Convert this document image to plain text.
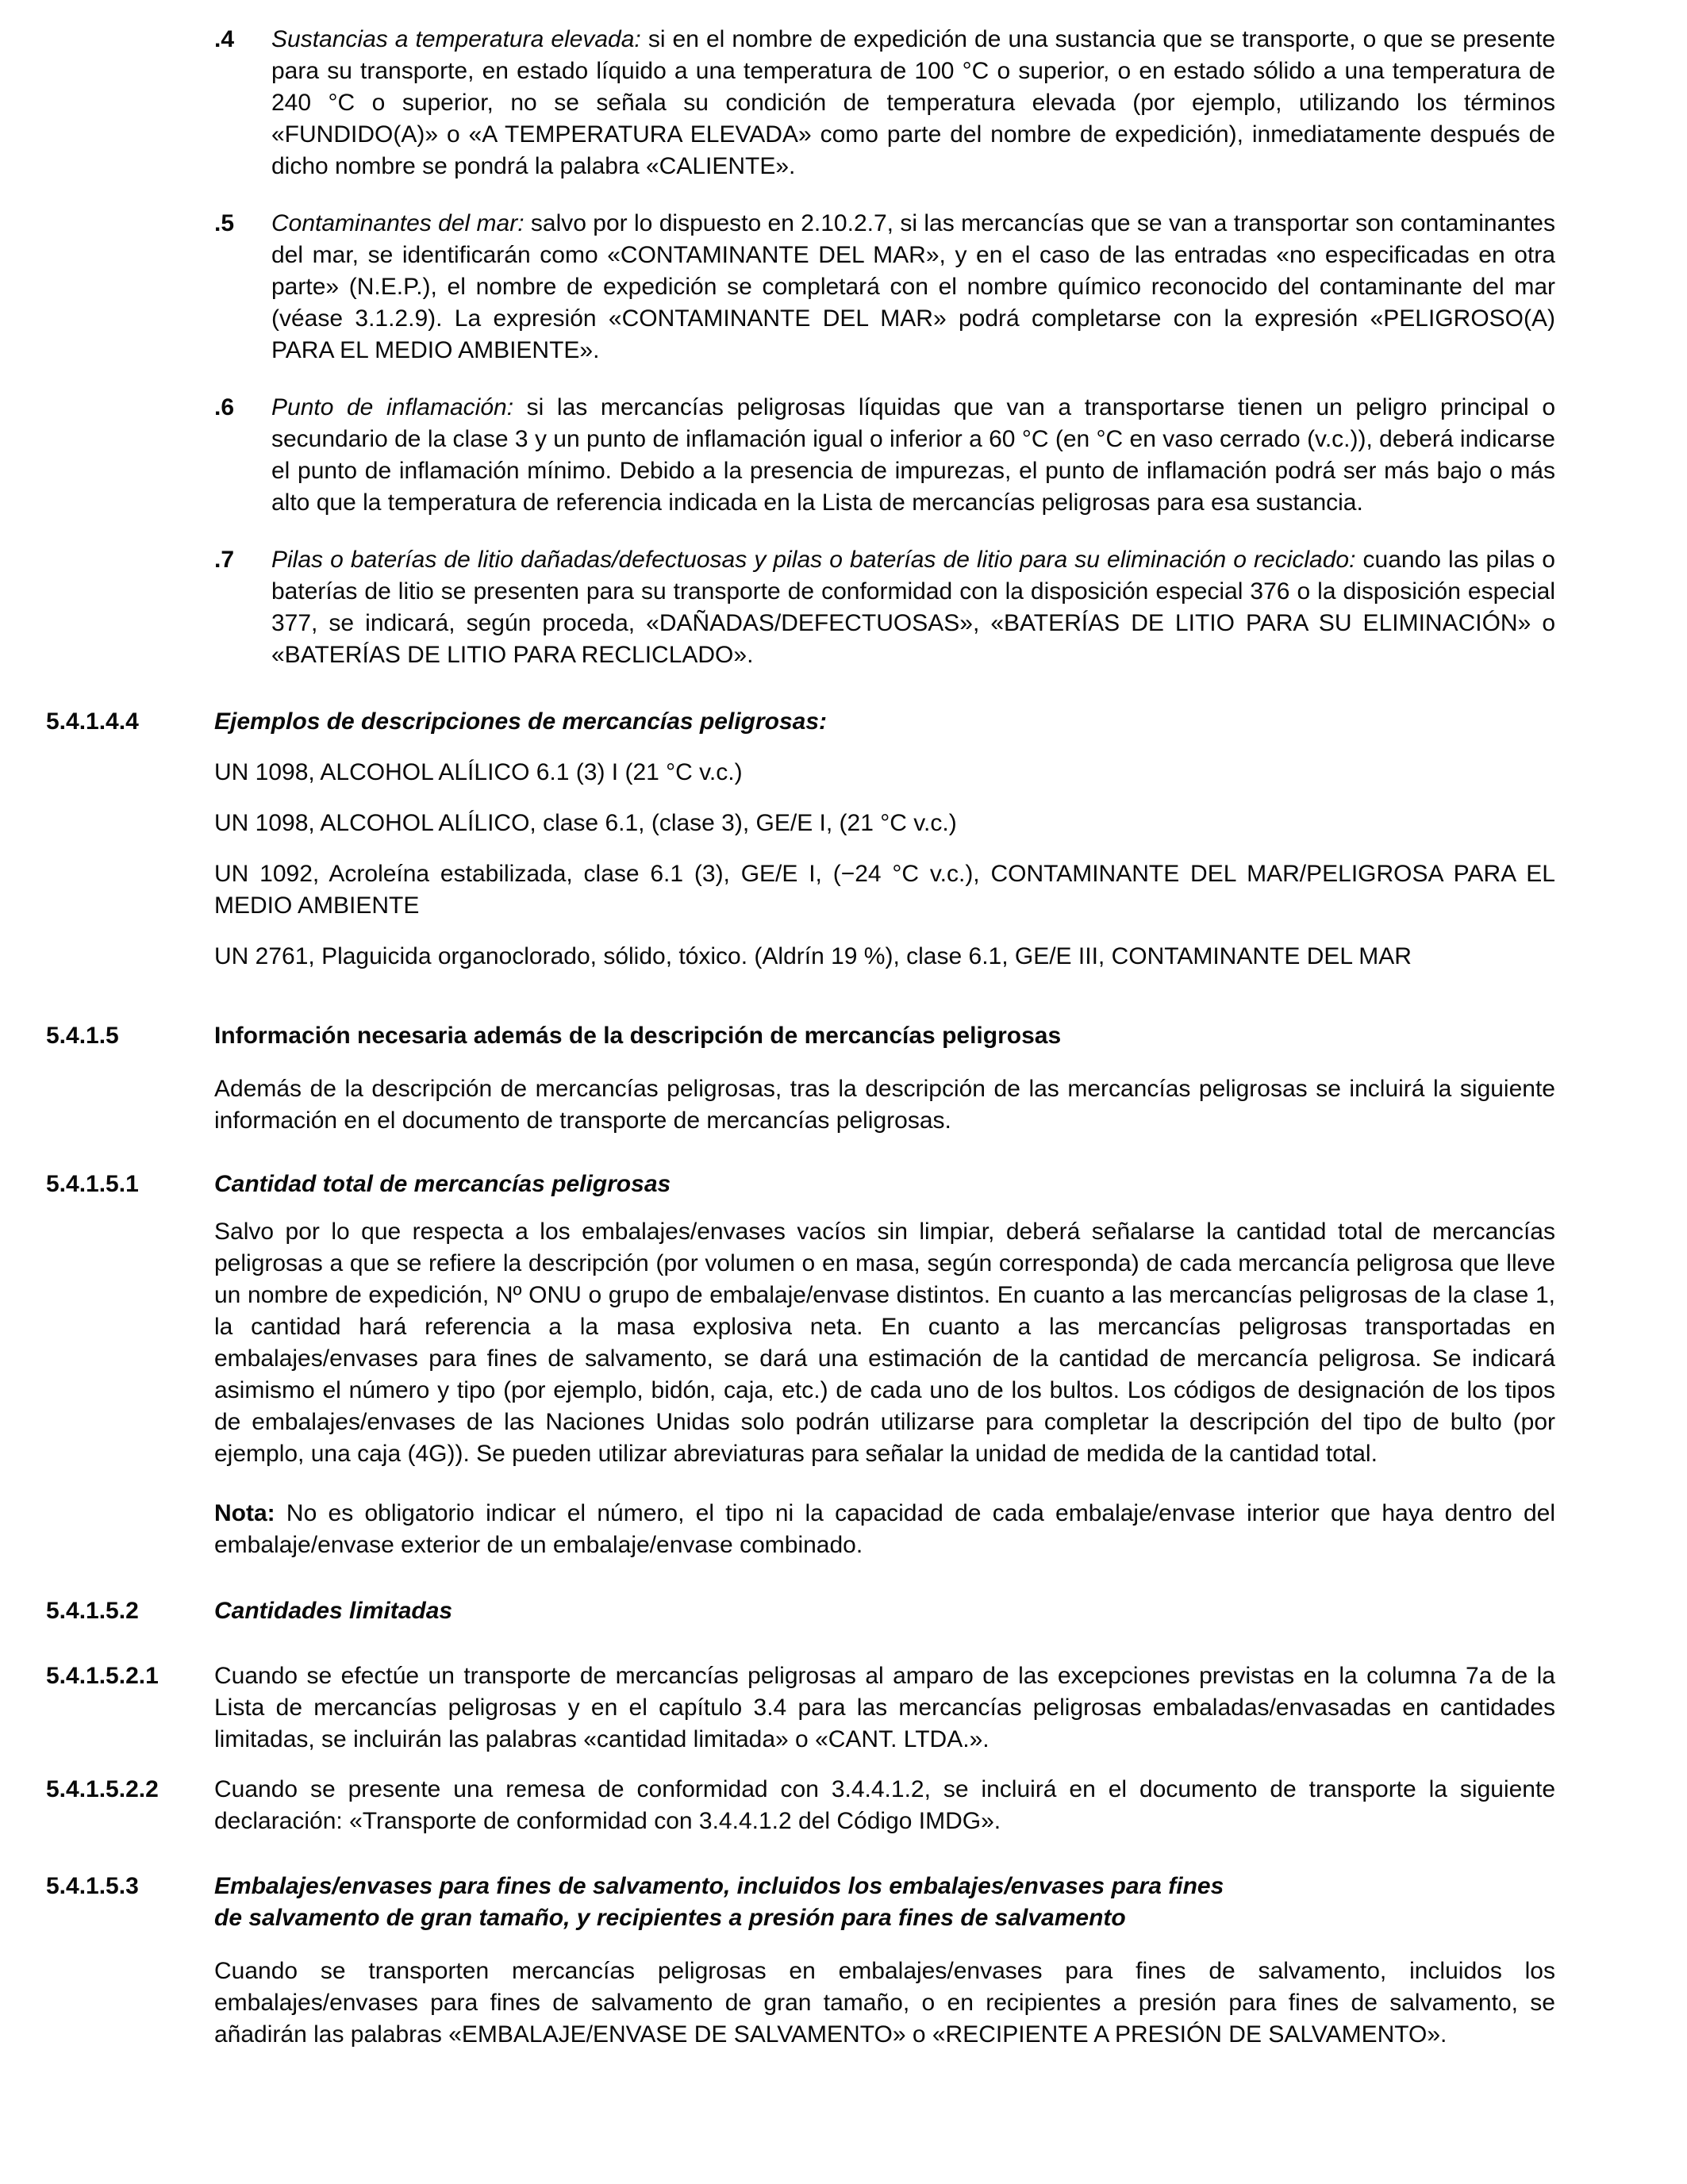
.4	Sustancias a temperatura elevada: si en el nombre de expedición de una sustancia que se transporte, o que se presente para su transporte, en estado líquido a una temperatura de 100 °C o superior, o en estado sólido a una temperatura de 240 °C o superior, no se señala su condición de temperatura elevada (por ejemplo, utilizando los términos «FUNDIDO(A)» o «A TEMPERATURA ELEVADA» como parte del nombre de expedición), inmediatamente después de dicho nombre se pondrá la palabra «CALIENTE».
.5	Contaminantes del mar: salvo por lo dispuesto en 2.10.2.7, si las mercancías que se van a transportar son contaminantes del mar, se identificarán como «CONTAMINANTE DEL MAR», y en el caso de las entradas «no especificadas en otra parte» (N.E.P.), el nombre de expedición se completará con el nombre químico reconocido del contaminante del mar (véase 3.1.2.9). La expresión «CONTAMINANTE DEL MAR» podrá completarse con la expresión «PELIGROSO(A) PARA EL MEDIO AMBIENTE».
.6	Punto de inflamación: si las mercancías peligrosas líquidas que van a transportarse tienen un peligro principal o secundario de la clase 3 y un punto de inflamación igual o inferior a 60 °C (en °C en vaso cerrado (v.c.)), deberá indicarse el punto de inflamación mínimo. Debido a la presencia de impurezas, el punto de inflamación podrá ser más bajo o más alto que la temperatura de referencia indicada en la Lista de mercancías peligrosas para esa sustancia.
.7	Pilas o baterías de litio dañadas/defectuosas y pilas o baterías de litio para su eliminación o reciclado: cuando las pilas o baterías de litio se presenten para su transporte de conformidad con la disposición especial 376 o la disposición especial 377, se indicará, según proceda, «DAÑADAS/DEFECTUOSAS», «BATERÍAS DE LITIO PARA SU ELIMINACIÓN» o «BATERÍAS DE LITIO PARA RECLICLADO».
5.4.1.4.4	Ejemplos de descripciones de mercancías peligrosas:
UN 1098, ALCOHOL ALÍLICO 6.1 (3) I (21 °C v.c.)
UN 1098, ALCOHOL ALÍLICO, clase 6.1, (clase 3), GE/E I, (21 °C v.c.)
UN 1092, Acroleína estabilizada, clase 6.1 (3), GE/E I, (−24 °C v.c.), CONTAMINANTE DEL MAR/PELIGROSA PARA EL MEDIO AMBIENTE
UN 2761, Plaguicida organoclorado, sólido, tóxico. (Aldrín 19 %), clase 6.1, GE/E III, CONTAMINANTE DEL MAR
5.4.1.5	Información necesaria además de la descripción de mercancías peligrosas
Además de la descripción de mercancías peligrosas, tras la descripción de las mercancías peligrosas se incluirá la siguiente información en el documento de transporte de mercancías peligrosas.
5.4.1.5.1	Cantidad total de mercancías peligrosas
Salvo por lo que respecta a los embalajes/envases vacíos sin limpiar, deberá señalarse la cantidad total de mercancías peligrosas a que se refiere la descripción (por volumen o en masa, según corresponda) de cada mercancía peligrosa que lleve un nombre de expedición, Nº ONU o grupo de embalaje/envase distintos. En cuanto a las mercancías peligrosas de la clase 1, la cantidad hará referencia a la masa explosiva neta. En cuanto a las mercancías peligrosas transportadas en embalajes/envases para fines de salvamento, se dará una estimación de la cantidad de mercancía peligrosa. Se indicará asimismo el número y tipo (por ejemplo, bidón, caja, etc.) de cada uno de los bultos. Los códigos de designación de los tipos de embalajes/envases de las Naciones Unidas solo podrán utilizarse para completar la descripción del tipo de bulto (por ejemplo, una caja (4G)). Se pueden utilizar abreviaturas para señalar la unidad de medida de la cantidad total.
Nota: No es obligatorio indicar el número, el tipo ni la capacidad de cada embalaje/envase interior que haya dentro del embalaje/envase exterior de un embalaje/envase combinado.
5.4.1.5.2	Cantidades limitadas
5.4.1.5.2.1	Cuando se efectúe un transporte de mercancías peligrosas al amparo de las excepciones previstas en la columna 7a de la Lista de mercancías peligrosas y en el capítulo 3.4 para las mercancías peligrosas embaladas/envasadas en cantidades limitadas, se incluirán las palabras «cantidad limitada» o «CANT. LTDA.».
5.4.1.5.2.2	Cuando se presente una remesa de conformidad con 3.4.4.1.2, se incluirá en el documento de transporte la siguiente declaración: «Transporte de conformidad con 3.4.4.1.2 del Código IMDG».
5.4.1.5.3	Embalajes/envases para fines de salvamento, incluidos los embalajes/envases para fines
de salvamento de gran tamaño, y recipientes a presión para fines de salvamento
Cuando se transporten mercancías peligrosas en embalajes/envases para fines de salvamento, incluidos los embalajes/envases para fines de salvamento de gran tamaño, o en recipientes a presión para fines de salvamento, se añadirán las palabras «EMBALAJE/ENVASE DE SALVAMENTO» o «RECIPIENTE A PRESIÓN DE SALVAMENTO».
